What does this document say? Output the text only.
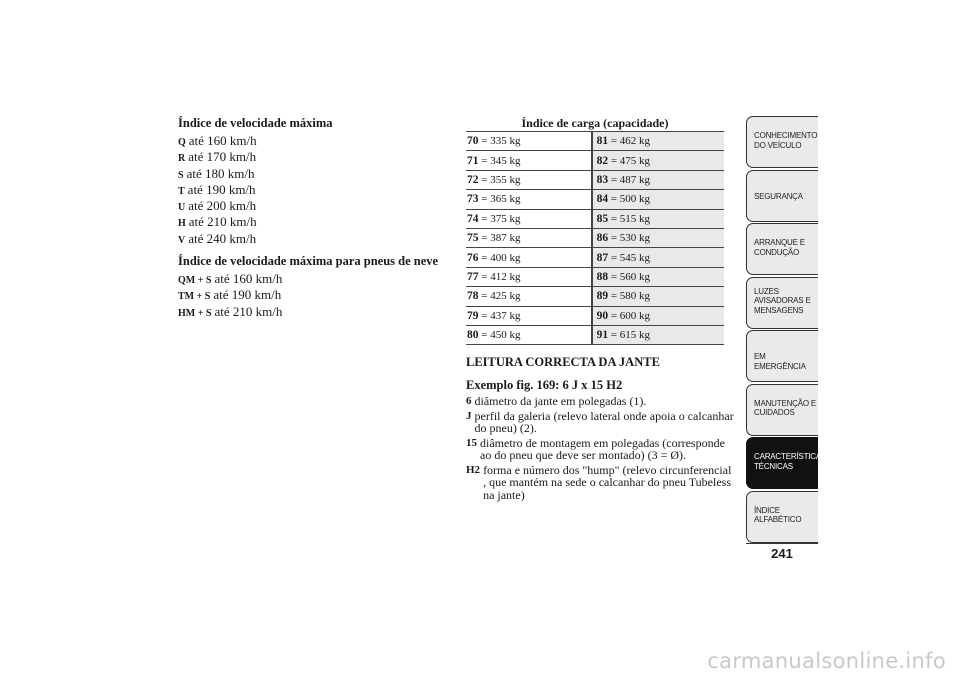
Índice de velocidade máxima
Q até 160 km/h
R até 170 km/h
S até 180 km/h
T até 190 km/h
U até 200 km/h
H até 210 km/h
V até 240 km/h
Índice de velocidade máxima para pneus de neve
QM + S até 160 km/h
TM + S até 190 km/h
HM + S até 210 km/h
Índice de carga (capacidade)
70 = 335 kg	81 = 462 kg
71 = 345 kg	82 = 475 kg
72 = 355 kg	83 = 487 kg
73 = 365 kg	84 = 500 kg
74 = 375 kg	85 = 515 kg
75 = 387 kg	86 = 530 kg
76 = 400 kg	87 = 545 kg
77 = 412 kg	88 = 560 kg
78 = 425 kg	89 = 580 kg
79 = 437 kg	90 = 600 kg
80 = 450 kg	91 = 615 kg
LEITURA CORRECTA DA JANTE
Exemplo fig. 169: 6 J x 15 H2
6 diâmetro da jante em polegadas (1).
J perfil da galeria (relevo lateral onde apoia o calcanhar do pneu) (2).
15 diâmetro de montagem em polegadas (corresponde ao do pneu que deve ser montado) (3 = Ø).
H2 forma e número dos "hump" (relevo circunferencial , que mantém na sede o calcanhar do pneu Tubeless na jante)
CONHECIMENTO
DO VEÍCULO
SEGURANÇA
ARRANQUE E
CONDUÇÃO
LUZES
AVISADORAS E
MENSAGENS
EM EMERGÊNCIA
MANUTENÇÃO E
CUIDADOS
CARACTERÍSTICAS
TÉCNICAS
ÍNDICE
ALFABÉTICO
241
carmanualsonline.info
